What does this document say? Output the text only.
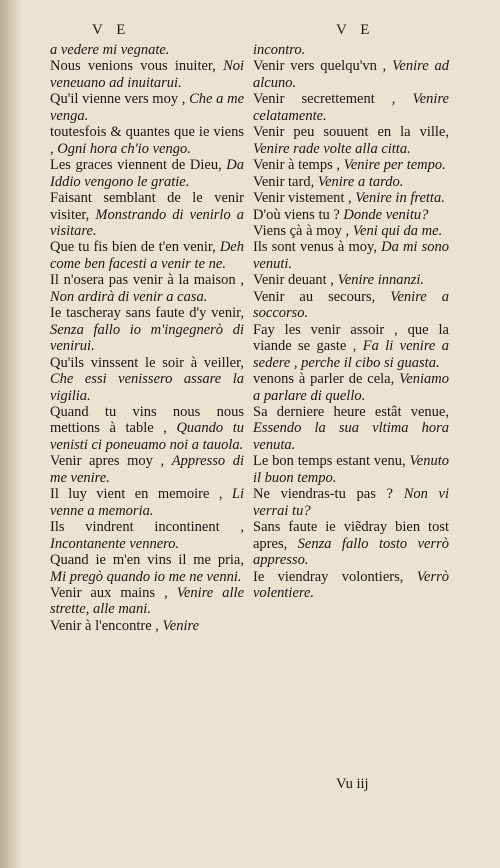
V E	V E
a vedere mi vegnate.
Nous venions vous inuiter, Noi veneuano ad inuitarui.
Qu'il vienne vers moy , Che a me venga.
toutesfois & quantes que ie viens , Ogni hora ch'io vengo.
Les graces viennent de Dieu, Da Iddio vengono le gratie.
Faisant semblant de le venir visiter, Monstrando di venirlo a visitare.
Que tu fis bien de t'en venir, Deh come ben facesti a venir te ne.
Il n'osera pas venir à la maison , Non ardirà di venir a casa.
Ie tascheray sans faute d'y venir, Senza fallo io m'ingegnerò di venirui.
Qu'ils vinssent le soir à veiller, Che essi venissero assare la vigilia.
Quand tu vins nous nous mettions à table , Quando tu venisti ci poneuamo noi a tauola.
Venir apres moy , Appresso di me venire.
Il luy vient en memoire , Li venne a memoria.
Ils vindrent incontinent , Incontanente vennero.
Quand ie m'en vins il me pria, Mi pregò quando io me ne venni.
Venir aux mains , Venire alle strette, alle mani.
Venir à l'encontre , Venire
incontro.
Venir vers quelqu'vn , Venire ad alcuno.
Venir secrettement , Venire celatamente.
Venir peu souuent en la ville, Venire rade volte alla citta.
Venir à temps , Venire per tempo.
Venir tard, Venire a tardo.
Venir vistement , Venire in fretta.
D'où viens tu ? Donde venitu?
Viens çà à moy , Veni qui da me.
Ils sont venus à moy, Da mi sono venuti.
Venir deuant , Venire innanzi.
Venir au secours, Venire a soccorso.
Fay les venir assoir , que la viande se gaste , Fa li venire a sedere , perche il cibo si guasta.
venons à parler de cela, Veniamo a parlare di quello.
Sa derniere heure estât venue, Essendo la sua vltima hora venuta.
Le bon temps estant venu, Venuto il buon tempo.
Ne viendras-tu pas ? Non vi verrai tu?
Sans faute ie viẽdray bien tost apres, Senza fallo tosto verrò appresso.
Ie viendray volontiers, Verrò volentiere.
Vu iij
